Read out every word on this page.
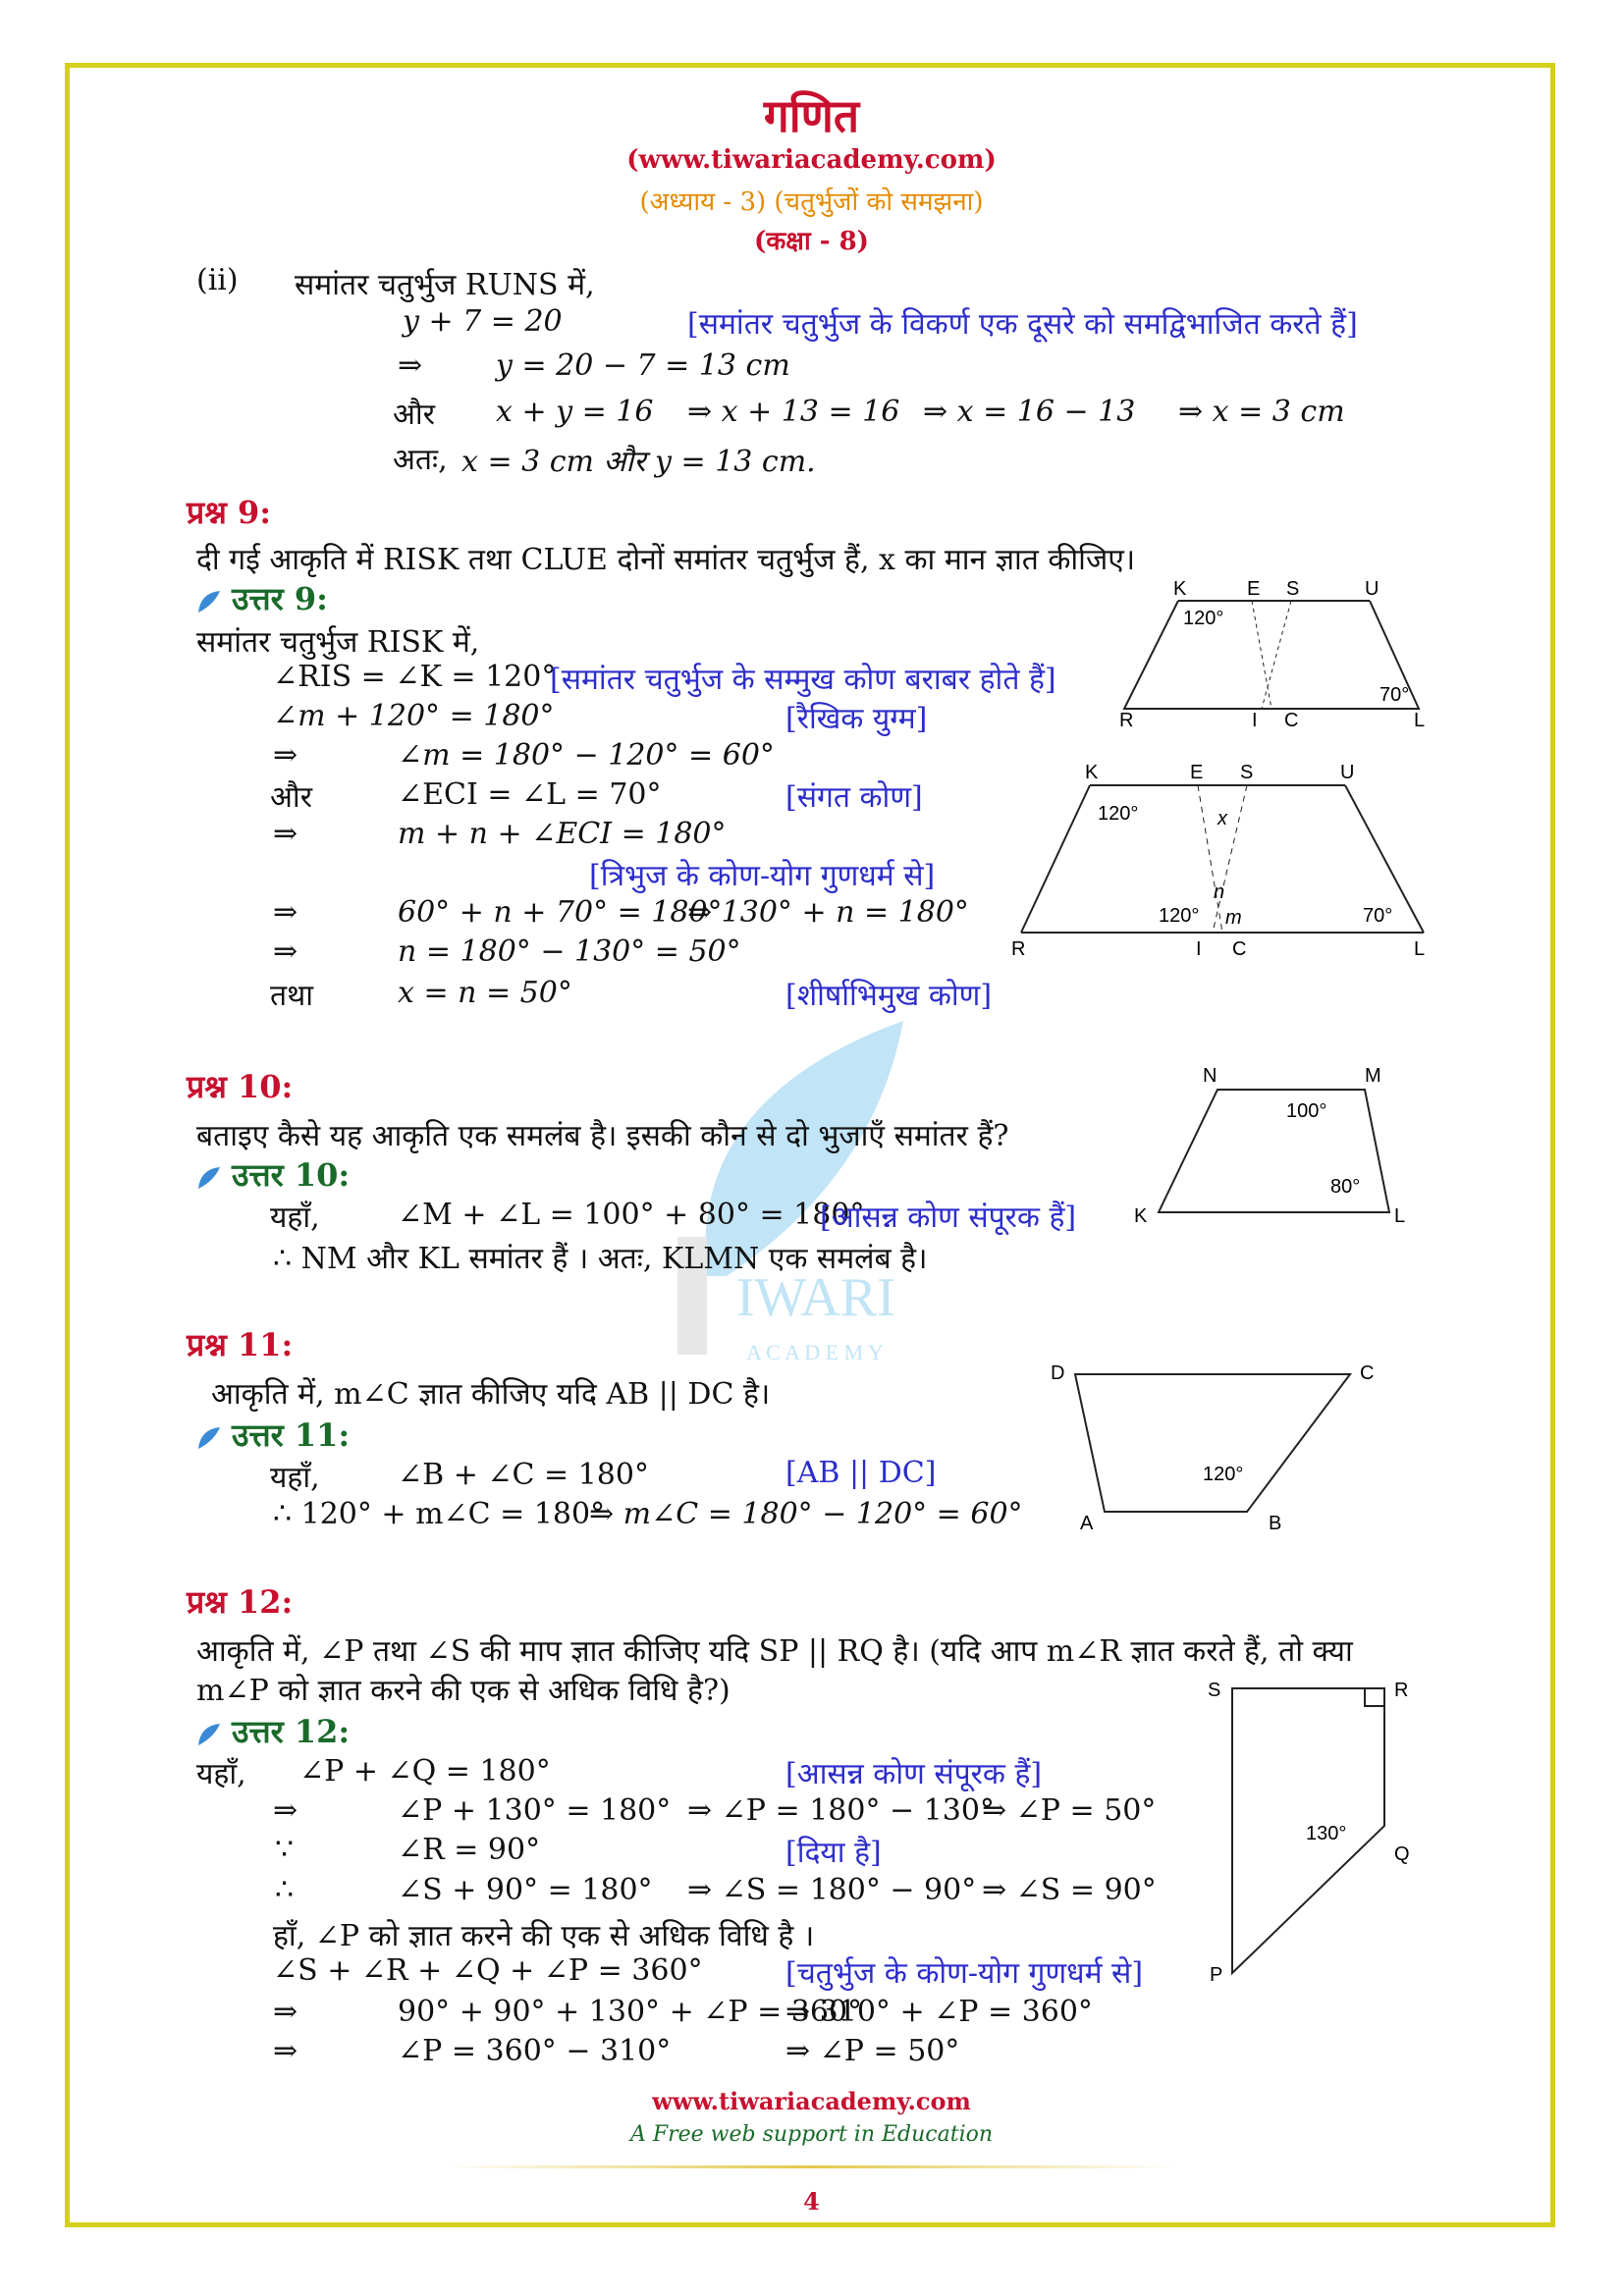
IWARI
A C A D E M Y
गणित
(www.tiwariacademy.com)
(अध्याय - 3) (चतुर्भुजों को समझना)
(कक्षा - 8)
(ii) समांतर चतुर्भुज RUNS में,
y + 7 = 20	[समांतर चतुर्भुज के विकर्ण एक दूसरे को समद्विभाजित करते हैं]
⇒ y = 20 − 7 = 13 cm
और x + y = 16 ⇒ x + 13 = 16 ⇒ x = 16 − 13 ⇒ x = 3 cm
अतः, x = 3 cm और y = 13 cm.
प्रश्न 9:
दी गई आकृति में RISK तथा CLUE दोनों समांतर चतुर्भुज हैं, x का मान ज्ञात कीजिए।
उत्तर 9:
समांतर चतुर्भुज RISK में,
∠RIS = ∠K = 120°
[समांतर चतुर्भुज के सम्मुख कोण बराबर होते हैं]
∠m + 120° = 180°	[रैखिक युग्म]
⇒	∠m = 180° − 120° = 60°
और	∠ECI = ∠L = 70°	[संगत कोण]
⇒	m + n + ∠ECI = 180°
[त्रिभुज के कोण-योग गुणधर्म से]
⇒	60° + n + 70° = 180°
⇒ 130° + n = 180°
⇒	n = 180° − 130° = 50°
तथा	x = n = 50°	[शीर्षाभिमुख कोण]
K	E S	U
R	I C	L
120°
70°
K	E S	U
R	I C	L
120°
70°
120°
x
n
m
प्रश्न 10:
बताइए कैसे यह आकृति एक समलंब है। इसकी कौन से दो भुजाएँ समांतर हैं?
उत्तर 10:
यहाँ,	∠M + ∠L = 100° + 80° = 180°
[आसन्न कोण संपूरक हैं]
∴ NM और KL समांतर हैं । अतः, KLMN एक समलंब है।
N	M
K	L
100°
80°
प्रश्न 11:
आकृति में, m∠C ज्ञात कीजिए यदि AB || DC है।
उत्तर 11:
यहाँ,	∠B + ∠C = 180°	[AB || DC]
∴ 120° + m∠C = 180°
⇒ m∠C = 180° − 120° = 60°
D	C
A	B
120°
प्रश्न 12:
आकृति में, ∠P तथा ∠S की माप ज्ञात कीजिए यदि SP || RQ है। (यदि आप m∠R ज्ञात करते हैं, तो क्या
m∠P को ज्ञात करने की एक से अधिक विधि है?)
उत्तर 12:
यहाँ, ∠P + ∠Q = 180°	[आसन्न कोण संपूरक हैं]
⇒	∠P + 130° = 180° ⇒ ∠P = 180° − 130°
⇒ ∠P = 50°
∵	∠R = 90°	[दिया है]
∴	∠S + 90° = 180° ⇒ ∠S = 180° − 90° ⇒ ∠S = 90°
हाँ, ∠P को ज्ञात करने की एक से अधिक विधि है ।
∠S + ∠R + ∠Q + ∠P = 360°	[चतुर्भुज के कोण-योग गुणधर्म से]
⇒	90° + 90° + 130° + ∠P = 360°
⇒ 310° + ∠P = 360°
⇒	∠P = 360° − 310°	⇒ ∠P = 50°
S	R
Q
P
130°
www.tiwariacademy.com
A Free web support in Education
4
